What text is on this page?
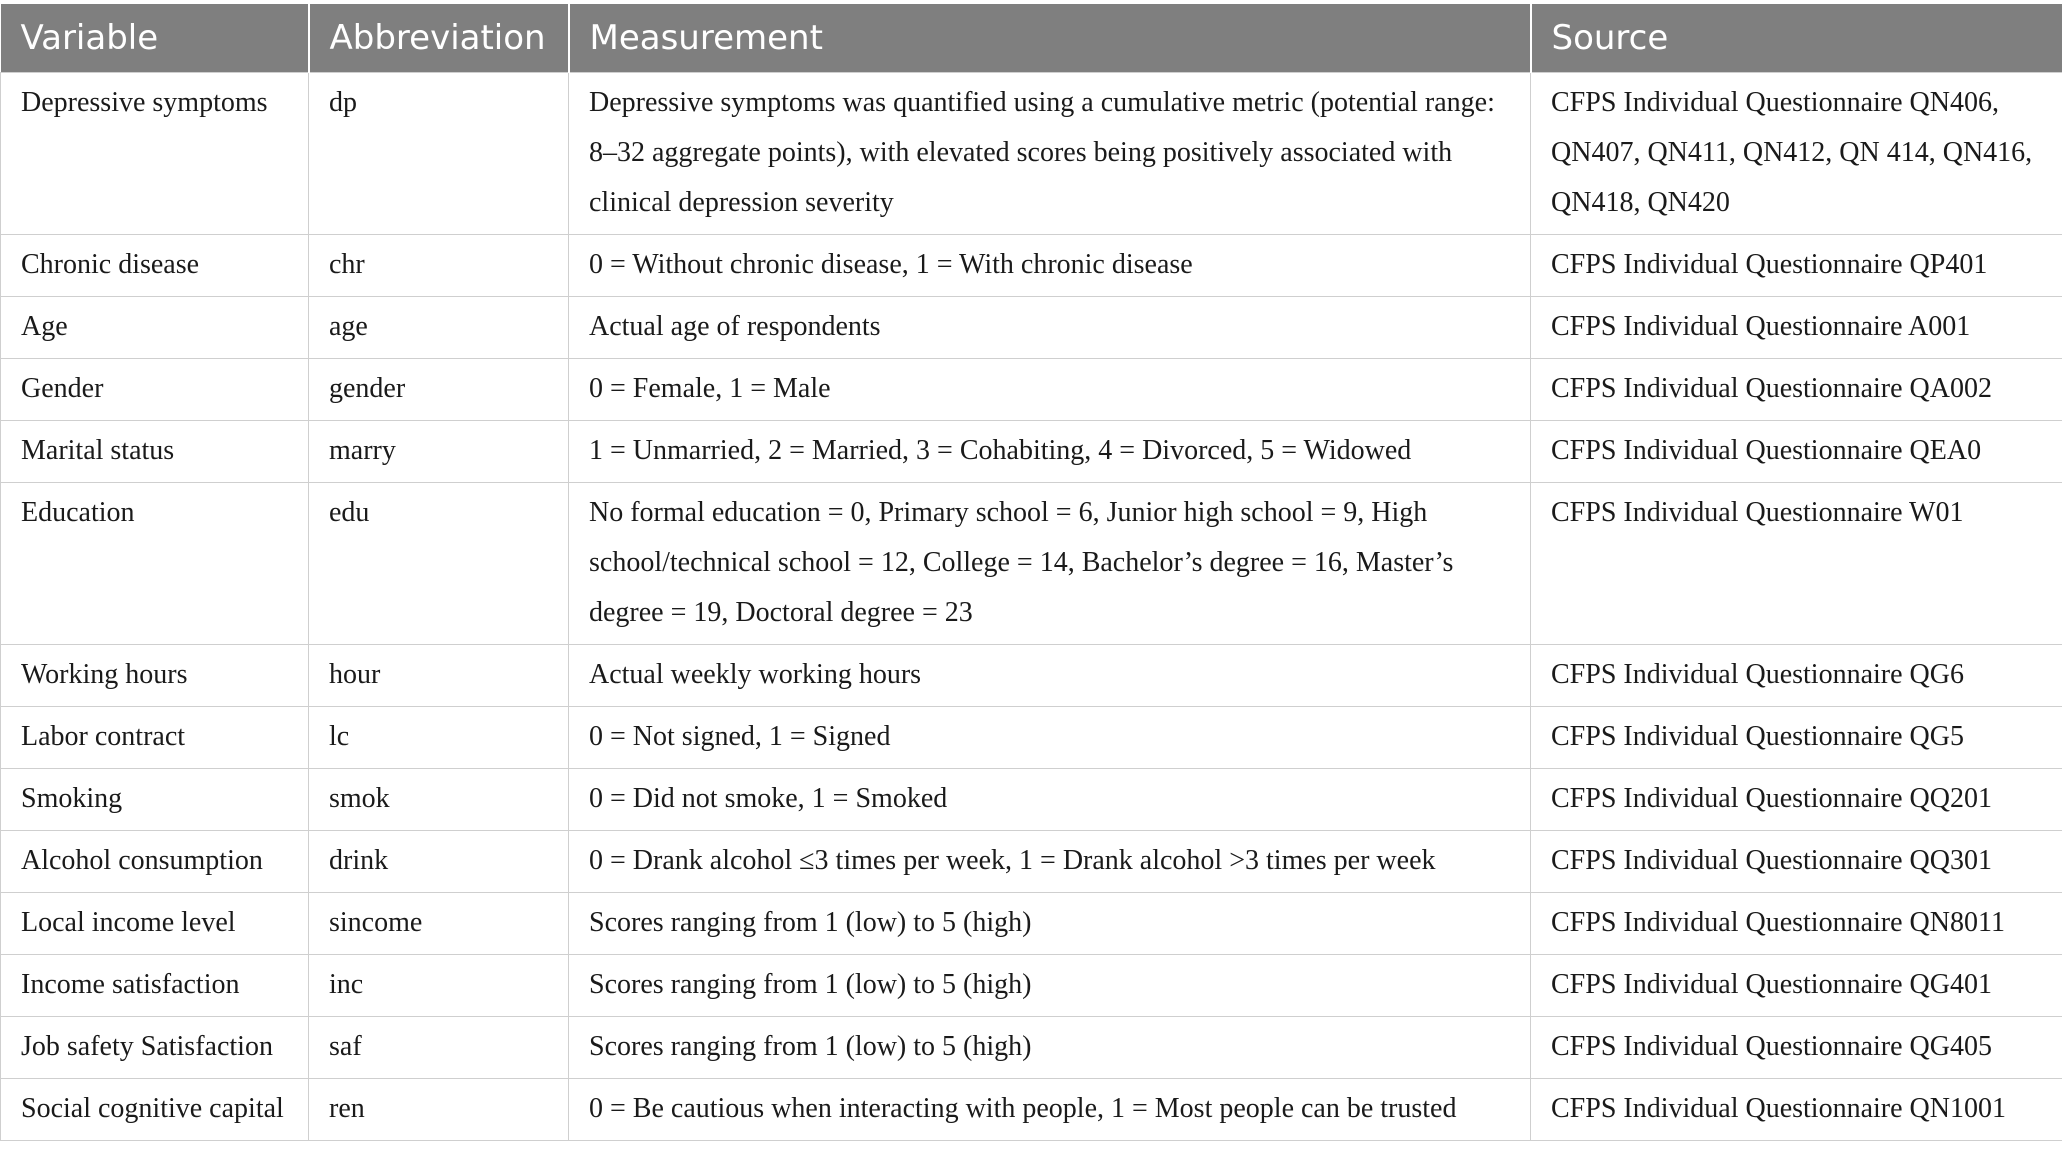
Variable	Abbreviation	Measurement	Source
Depressive symptoms	dp	Depressive symptoms was quantified using a cumulative metric (potential range: 8–32 aggregate points), with elevated scores being positively associated with clinical depression severity	CFPS Individual Questionnaire QN406, QN407, QN411, QN412, QN 414, QN416, QN418, QN420
Chronic disease	chr	0 = Without chronic disease, 1 = With chronic disease	CFPS Individual Questionnaire QP401
Age	age	Actual age of respondents	CFPS Individual Questionnaire A001
Gender	gender	0 = Female, 1 = Male	CFPS Individual Questionnaire QA002
Marital status	marry	1 = Unmarried, 2 = Married, 3 = Cohabiting, 4 = Divorced, 5 = Widowed	CFPS Individual Questionnaire QEA0
Education	edu	No formal education = 0, Primary school = 6, Junior high school = 9, High school/technical school = 12, College = 14, Bachelor’s degree = 16, Master’s degree = 19, Doctoral degree = 23	CFPS Individual Questionnaire W01
Working hours	hour	Actual weekly working hours	CFPS Individual Questionnaire QG6
Labor contract	lc	0 = Not signed, 1 = Signed	CFPS Individual Questionnaire QG5
Smoking	smok	0 = Did not smoke, 1 = Smoked	CFPS Individual Questionnaire QQ201
Alcohol consumption	drink	0 = Drank alcohol ≤3 times per week, 1 = Drank alcohol >3 times per week	CFPS Individual Questionnaire QQ301
Local income level	sincome	Scores ranging from 1 (low) to 5 (high)	CFPS Individual Questionnaire QN8011
Income satisfaction	inc	Scores ranging from 1 (low) to 5 (high)	CFPS Individual Questionnaire QG401
Job safety Satisfaction	saf	Scores ranging from 1 (low) to 5 (high)	CFPS Individual Questionnaire QG405
Social cognitive capital	ren	0 = Be cautious when interacting with people, 1 = Most people can be trusted	CFPS Individual Questionnaire QN1001
